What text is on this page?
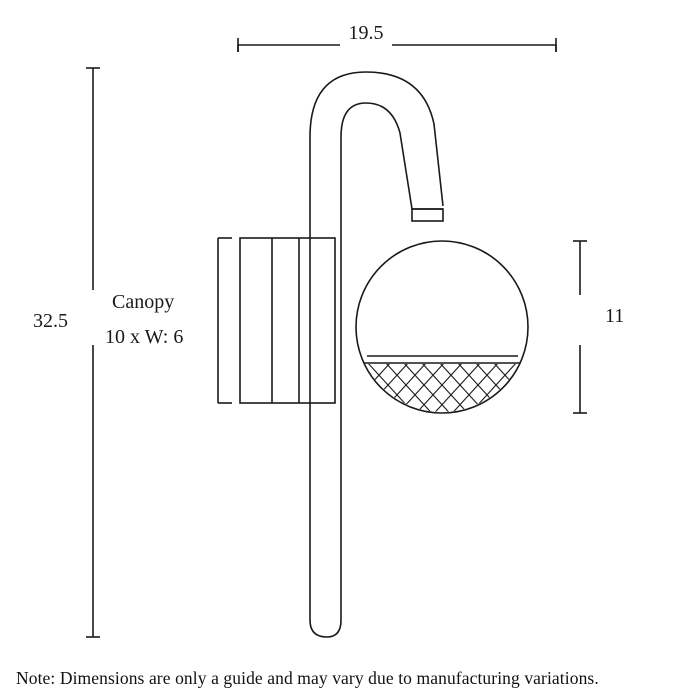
19.5
32.5	11
Canopy
10 x W: 6
Note: Dimensions are only a guide and may vary due to manufacturing variations.
